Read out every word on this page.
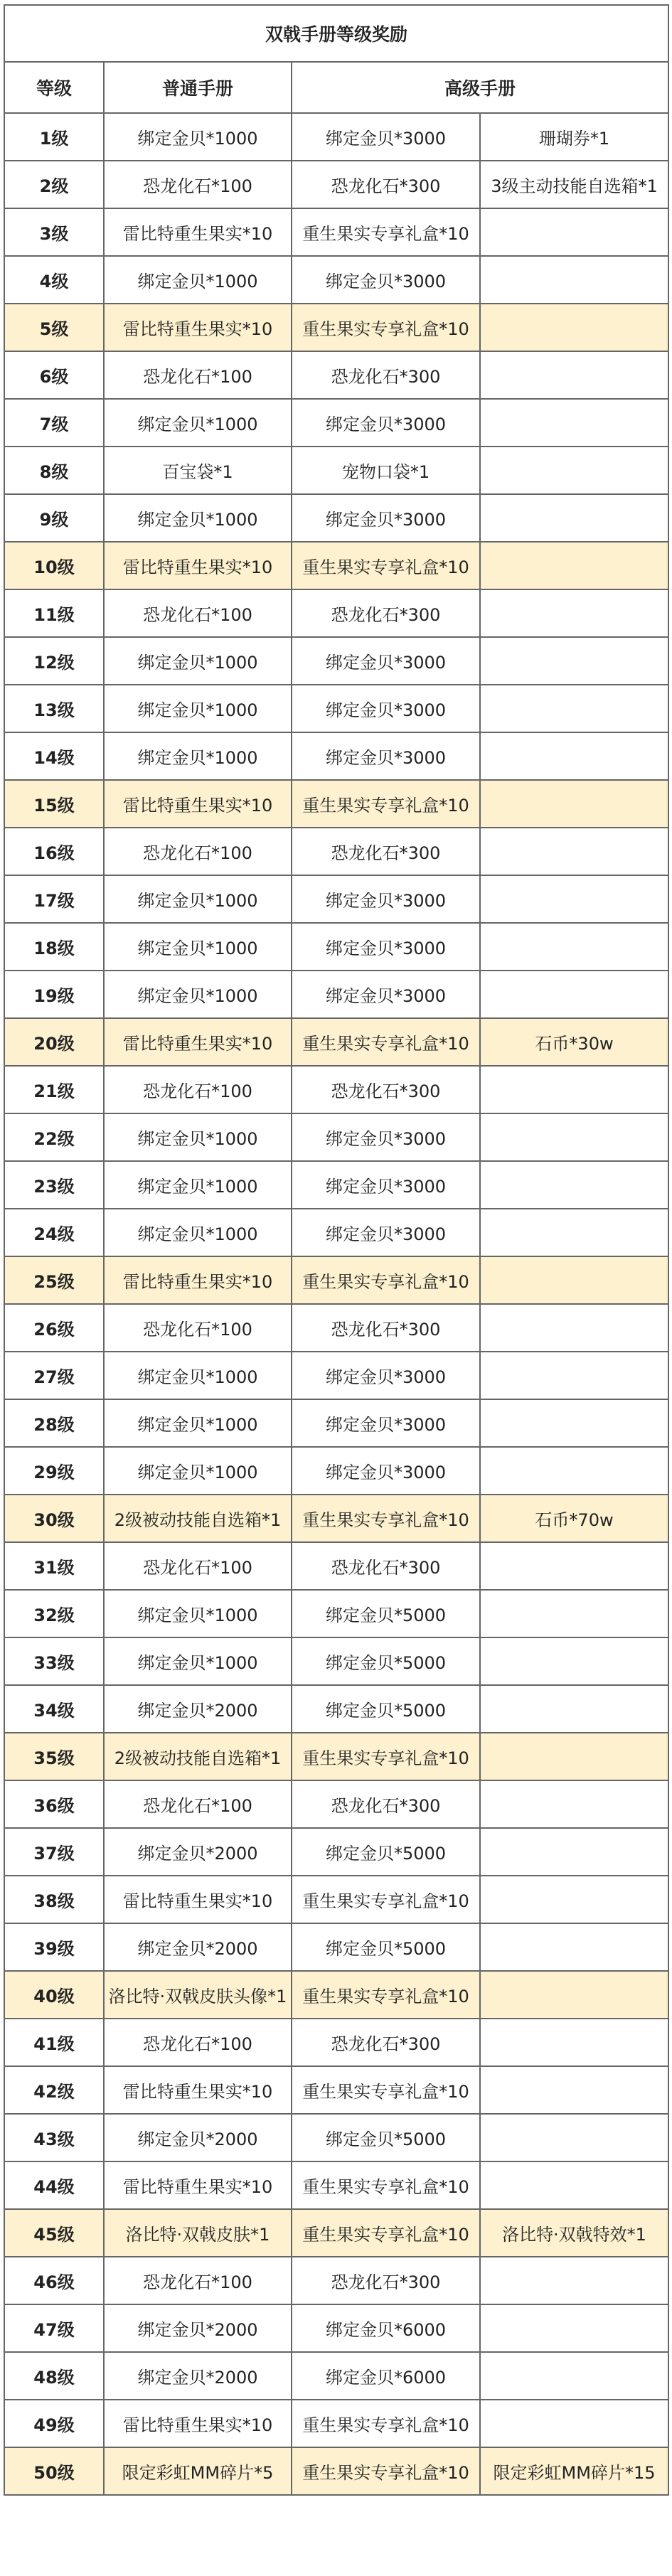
双戟手册等级奖励			
等级	普通手册	高级手册	
1级	绑定金贝*1000	绑定金贝*3000	珊瑚券*1
2级	恐龙化石*100	恐龙化石*300	3级主动技能自选箱*1
3级	雷比特重生果实*10	重生果实专享礼盒*10	
4级	绑定金贝*1000	绑定金贝*3000	
5级	雷比特重生果实*10	重生果实专享礼盒*10	
6级	恐龙化石*100	恐龙化石*300	
7级	绑定金贝*1000	绑定金贝*3000	
8级	百宝袋*1	宠物口袋*1	
9级	绑定金贝*1000	绑定金贝*3000	
10级	雷比特重生果实*10	重生果实专享礼盒*10	
11级	恐龙化石*100	恐龙化石*300	
12级	绑定金贝*1000	绑定金贝*3000	
13级	绑定金贝*1000	绑定金贝*3000	
14级	绑定金贝*1000	绑定金贝*3000	
15级	雷比特重生果实*10	重生果实专享礼盒*10	
16级	恐龙化石*100	恐龙化石*300	
17级	绑定金贝*1000	绑定金贝*3000	
18级	绑定金贝*1000	绑定金贝*3000	
19级	绑定金贝*1000	绑定金贝*3000	
20级	雷比特重生果实*10	重生果实专享礼盒*10	石币*30w
21级	恐龙化石*100	恐龙化石*300	
22级	绑定金贝*1000	绑定金贝*3000	
23级	绑定金贝*1000	绑定金贝*3000	
24级	绑定金贝*1000	绑定金贝*3000	
25级	雷比特重生果实*10	重生果实专享礼盒*10	
26级	恐龙化石*100	恐龙化石*300	
27级	绑定金贝*1000	绑定金贝*3000	
28级	绑定金贝*1000	绑定金贝*3000	
29级	绑定金贝*1000	绑定金贝*3000	
30级	2级被动技能自选箱*1	重生果实专享礼盒*10	石币*70w
31级	恐龙化石*100	恐龙化石*300	
32级	绑定金贝*1000	绑定金贝*5000	
33级	绑定金贝*1000	绑定金贝*5000	
34级	绑定金贝*2000	绑定金贝*5000	
35级	2级被动技能自选箱*1	重生果实专享礼盒*10	
36级	恐龙化石*100	恐龙化石*300	
37级	绑定金贝*2000	绑定金贝*5000	
38级	雷比特重生果实*10	重生果实专享礼盒*10	
39级	绑定金贝*2000	绑定金贝*5000	
40级	洛比特·双戟皮肤头像*1	重生果实专享礼盒*10	
41级	恐龙化石*100	恐龙化石*300	
42级	雷比特重生果实*10	重生果实专享礼盒*10	
43级	绑定金贝*2000	绑定金贝*5000	
44级	雷比特重生果实*10	重生果实专享礼盒*10	
45级	洛比特·双戟皮肤*1	重生果实专享礼盒*10	洛比特·双戟特效*1
46级	恐龙化石*100	恐龙化石*300	
47级	绑定金贝*2000	绑定金贝*6000	
48级	绑定金贝*2000	绑定金贝*6000	
49级	雷比特重生果实*10	重生果实专享礼盒*10	
50级	限定彩虹MM碎片*5	重生果实专享礼盒*10	限定彩虹MM碎片*15
